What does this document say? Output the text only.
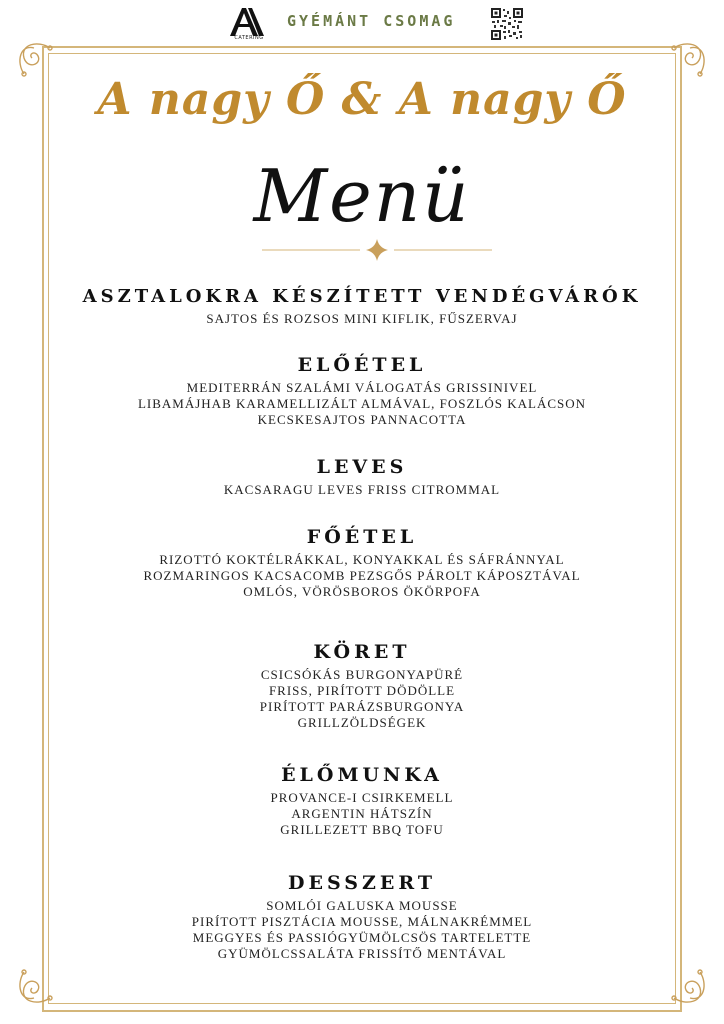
CATERING
GYÉMÁNT CSOMAG
A nagy Ő & A nagy Ő
Menü
ASZTALOKRA KÉSZÍTETT VENDÉGVÁRÓK
SAJTOS ÉS ROZSOS MINI KIFLIK, FŰSZERVAJ
ELŐÉTEL
MEDITERRÁN SZALÁMI VÁLOGATÁS GRISSINIVEL
LIBAMÁJHAB KARAMELLIZÁLT ALMÁVAL, FOSZLÓS KALÁCSON
KECSKESAJTOS PANNACOTTA
LEVES
KACSARAGU LEVES FRISS CITROMMAL
FŐÉTEL
RIZOTTÓ KOKTÉLRÁKKAL, KONYAKKAL ÉS SÁFRÁNNYAL
ROZMARINGOS KACSACOMB PEZSGŐS PÁROLT KÁPOSZTÁVAL
OMLÓS, VÖRÖSBOROS ÖKÖRPOFA
KÖRET
CSICSÓKÁS BURGONYAPÜRÉ
FRISS, PIRÍTOTT DÖDÖLLE
PIRÍTOTT PARÁZSBURGONYA
GRILLZÖLDSÉGEK
ÉLŐMUNKA
PROVANCE-I CSIRKEMELL
ARGENTIN HÁTSZÍN
GRILLEZETT BBQ TOFU
DESSZERT
SOMLÓI GALUSKA MOUSSE
PIRÍTOTT PISZTÁCIA MOUSSE, MÁLNAKRÉMMEL
MEGGYES ÉS PASSIÓGYÜMÖLCSÖS TARTELETTE
GYÜMÖLCSSALÁTA FRISSÍTŐ MENTÁVAL
